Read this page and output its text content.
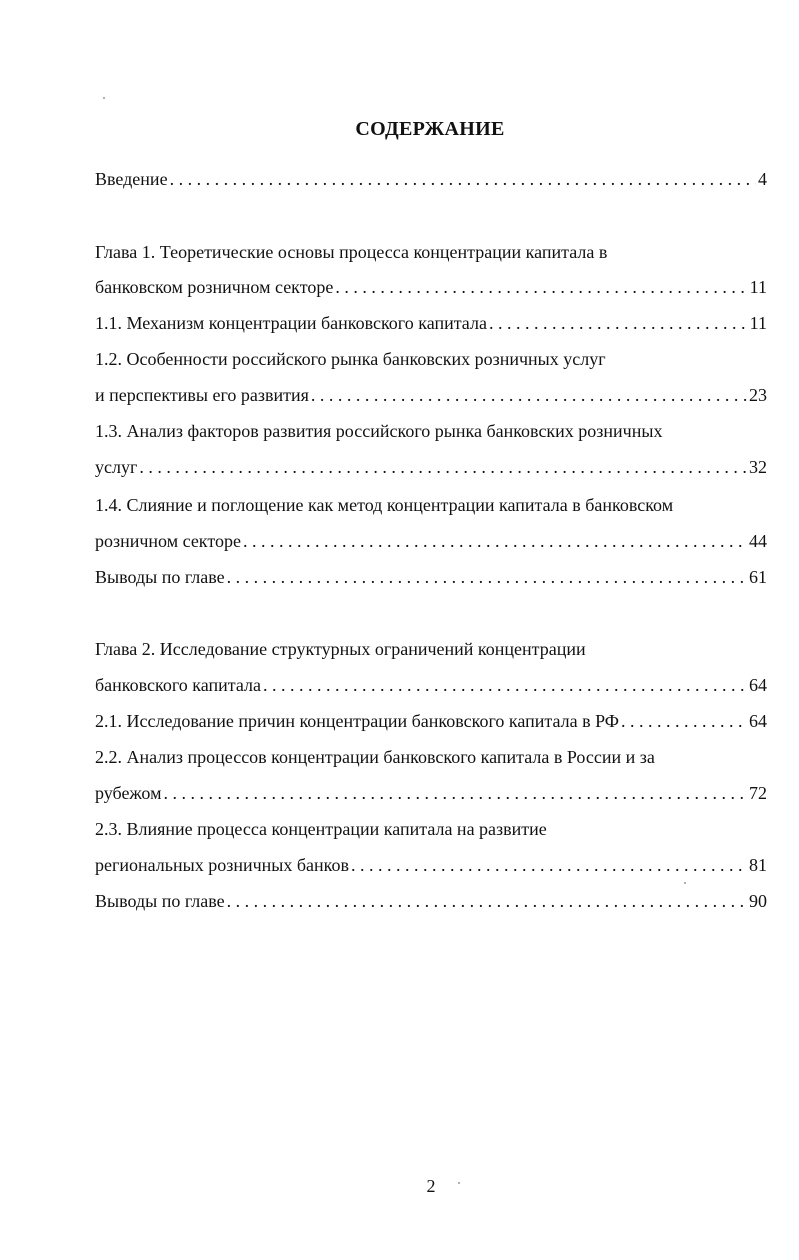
СОДЕРЖАНИЕ
Введение . . .	4
Глава 1. Теоретические основы процесса концентрации капитала в
банковском розничном секторе . . .	11
1.1. Механизм концентрации банковского капитала . . .	11
1.2. Особенности российского рынка банковских розничных услуг
и перспективы его развития . . .	23
1.3. Анализ факторов развития российского рынка банковских розничных
услуг . . .	32
1.4. Слияние и поглощение как метод концентрации капитала в банковском
розничном секторе . . .	44
Выводы по главе . . .	61
Глава 2. Исследование структурных ограничений концентрации
банковского капитала . . .	64
2.1. Исследование причин концентрации банковского капитала в РФ . . .	64
2.2. Анализ процессов концентрации банковского капитала в России и за
рубежом . . .	72
2.3. Влияние процесса концентрации капитала на развитие
региональных розничных банков . . .	81
Выводы по главе . . .	90
2
